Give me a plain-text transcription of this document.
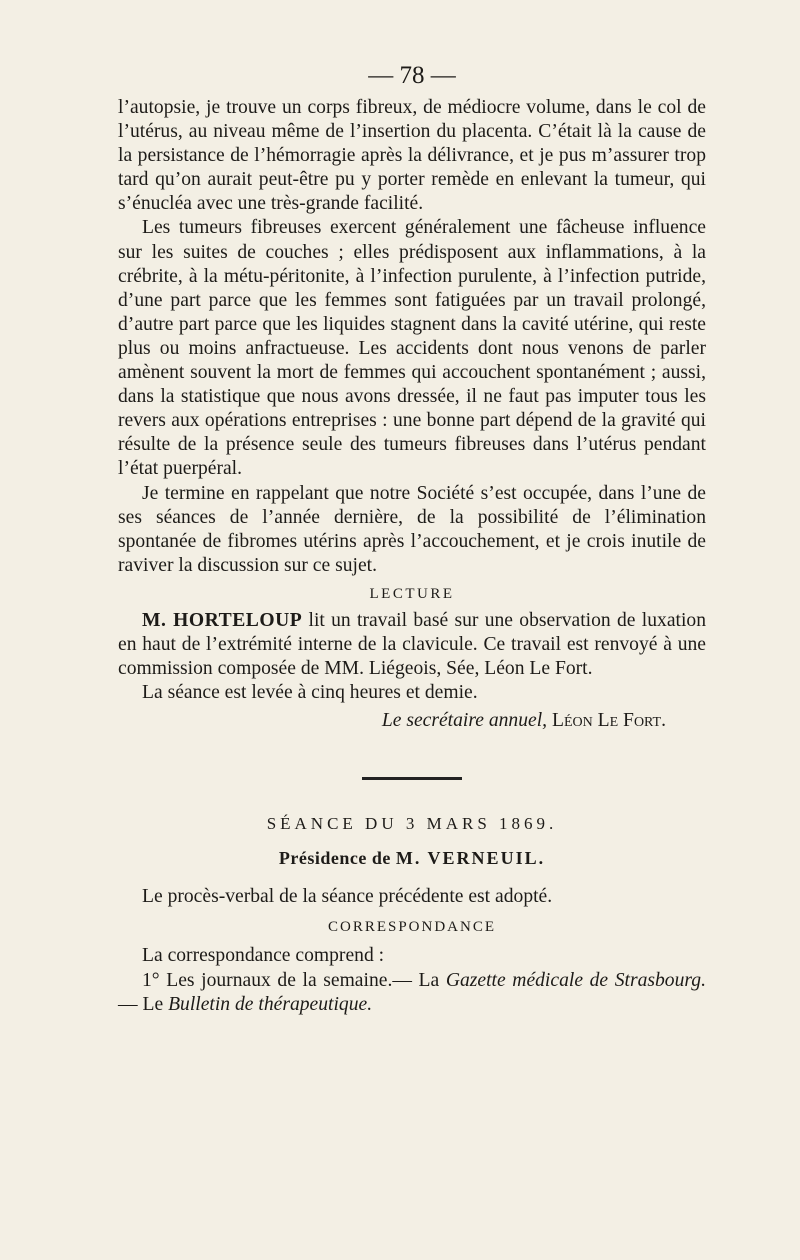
— 78 —

l’autopsie, je trouve un corps fibreux, de médiocre volume, dans le col de l’utérus, au niveau même de l’insertion du placenta. C’était là la cause de la persistance de l’hémorragie après la délivrance, et je pus m’assurer trop tard qu’on aurait peut-être pu y porter remède en enlevant la tumeur, qui s’énucléa avec une très-grande facilité.

Les tumeurs fibreuses exercent généralement une fâcheuse influence sur les suites de couches ; elles prédisposent aux inflammations, à la crébrite, à la métu-péritonite, à l’infection purulente, à l’infection putride, d’une part parce que les femmes sont fatiguées par un travail prolongé, d’autre part parce que les liquides stagnent dans la cavité utérine, qui reste plus ou moins anfractueuse. Les accidents dont nous venons de parler amènent souvent la mort de femmes qui accouchent spontanément ; aussi, dans la statistique que nous avons dressée, il ne faut pas imputer tous les revers aux opérations entreprises : une bonne part dépend de la gravité qui résulte de la présence seule des tumeurs fibreuses dans l’utérus pendant l’état puerpéral.

Je termine en rappelant que notre Société s’est occupée, dans l’une de ses séances de l’année dernière, de la possibilité de l’élimination spontanée de fibromes utérins après l’accouchement, et je crois inutile de raviver la discussion sur ce sujet.

LECTURE

M. HORTELOUP lit un travail basé sur une observation de luxation en haut de l’extrémité interne de la clavicule. Ce travail est renvoyé à une commission composée de MM. Liégeois, Sée, Léon Le Fort.

La séance est levée à cinq heures et demie.

Le secrétaire annuel, Léon Le Fort.
SÉANCE DU 3 MARS 1869.
Présidence de M. VERNEUIL.

Le procès-verbal de la séance précédente est adopté.

CORRESPONDANCE

La correspondance comprend :

1° Les journaux de la semaine.— La Gazette médicale de Strasbourg. — Le Bulletin de thérapeutique.
